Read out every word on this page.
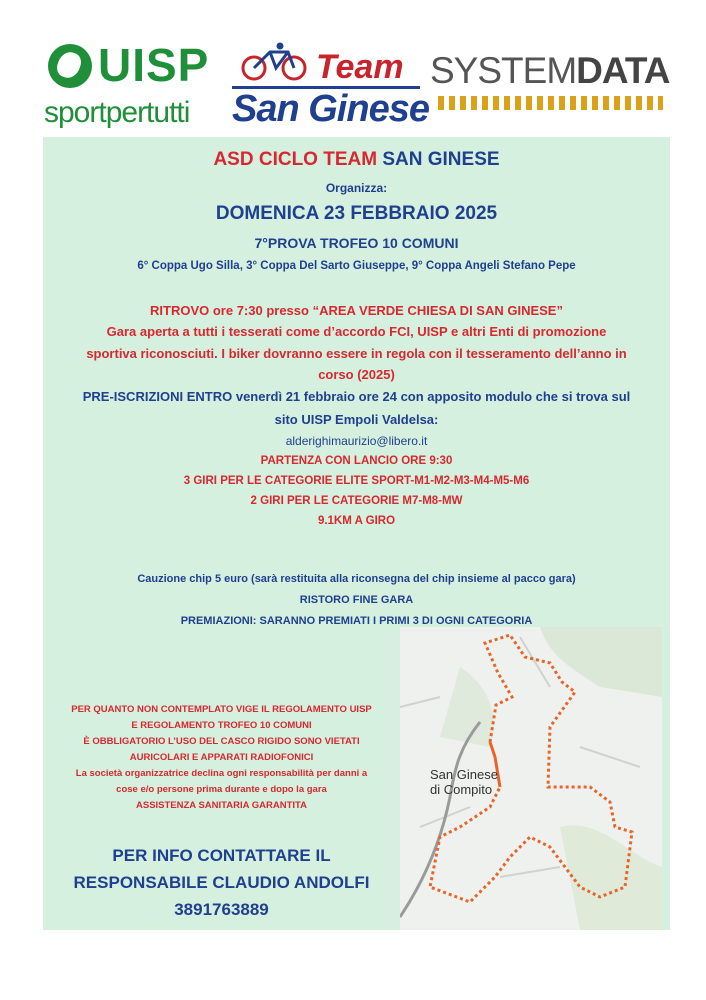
UISP
sportpertutti
Team
San Ginese
SYSTEMDATA
ASD CICLO TEAM SAN GINESE
Organizza:
DOMENICA 23 FEBBRAIO 2025
7°PROVA TROFEO 10 COMUNI
6° Coppa Ugo Silla, 3° Coppa Del Sarto Giuseppe, 9° Coppa Angeli Stefano Pepe
RITROVO ore 7:30 presso “AREA VERDE CHIESA DI SAN GINESE”
Gara aperta a tutti i tesserati come d’accordo FCI, UISP e altri Enti di promozione
sportiva riconosciuti. I biker dovranno essere in regola con il tesseramento dell’anno in
corso (2025)
PRE-ISCRIZIONI ENTRO venerdì 21 febbraio ore 24 con apposito modulo che si trova sul
sito UISP Empoli Valdelsa:
alderighimaurizio@libero.it
PARTENZA CON LANCIO ORE 9:30
3 GIRI PER LE CATEGORIE ELITE SPORT-M1-M2-M3-M4-M5-M6
2 GIRI PER LE CATEGORIE M7-M8-MW
9.1KM A GIRO
Cauzione chip 5 euro (sarà restituita alla riconsegna del chip insieme al pacco gara)
RISTORO FINE GARA
PREMIAZIONI: SARANNO PREMIATI I PRIMI 3 DI OGNI CATEGORIA
PER QUANTO NON CONTEMPLATO VIGE IL REGOLAMENTO UISP
E REGOLAMENTO TROFEO 10 COMUNI
È OBBLIGATORIO L’USO DEL CASCO RIGIDO SONO VIETATI
AURICOLARI E APPARATI RADIOFONICI
La società organizzatrice declina ogni responsabilità per danni a
cose e/o persone prima durante e dopo la gara
ASSISTENZA SANITARIA GARANTITA
PER INFO CONTATTARE IL
RESPONSABILE CLAUDIO ANDOLFI
3891763889
San Ginese
di Compito
